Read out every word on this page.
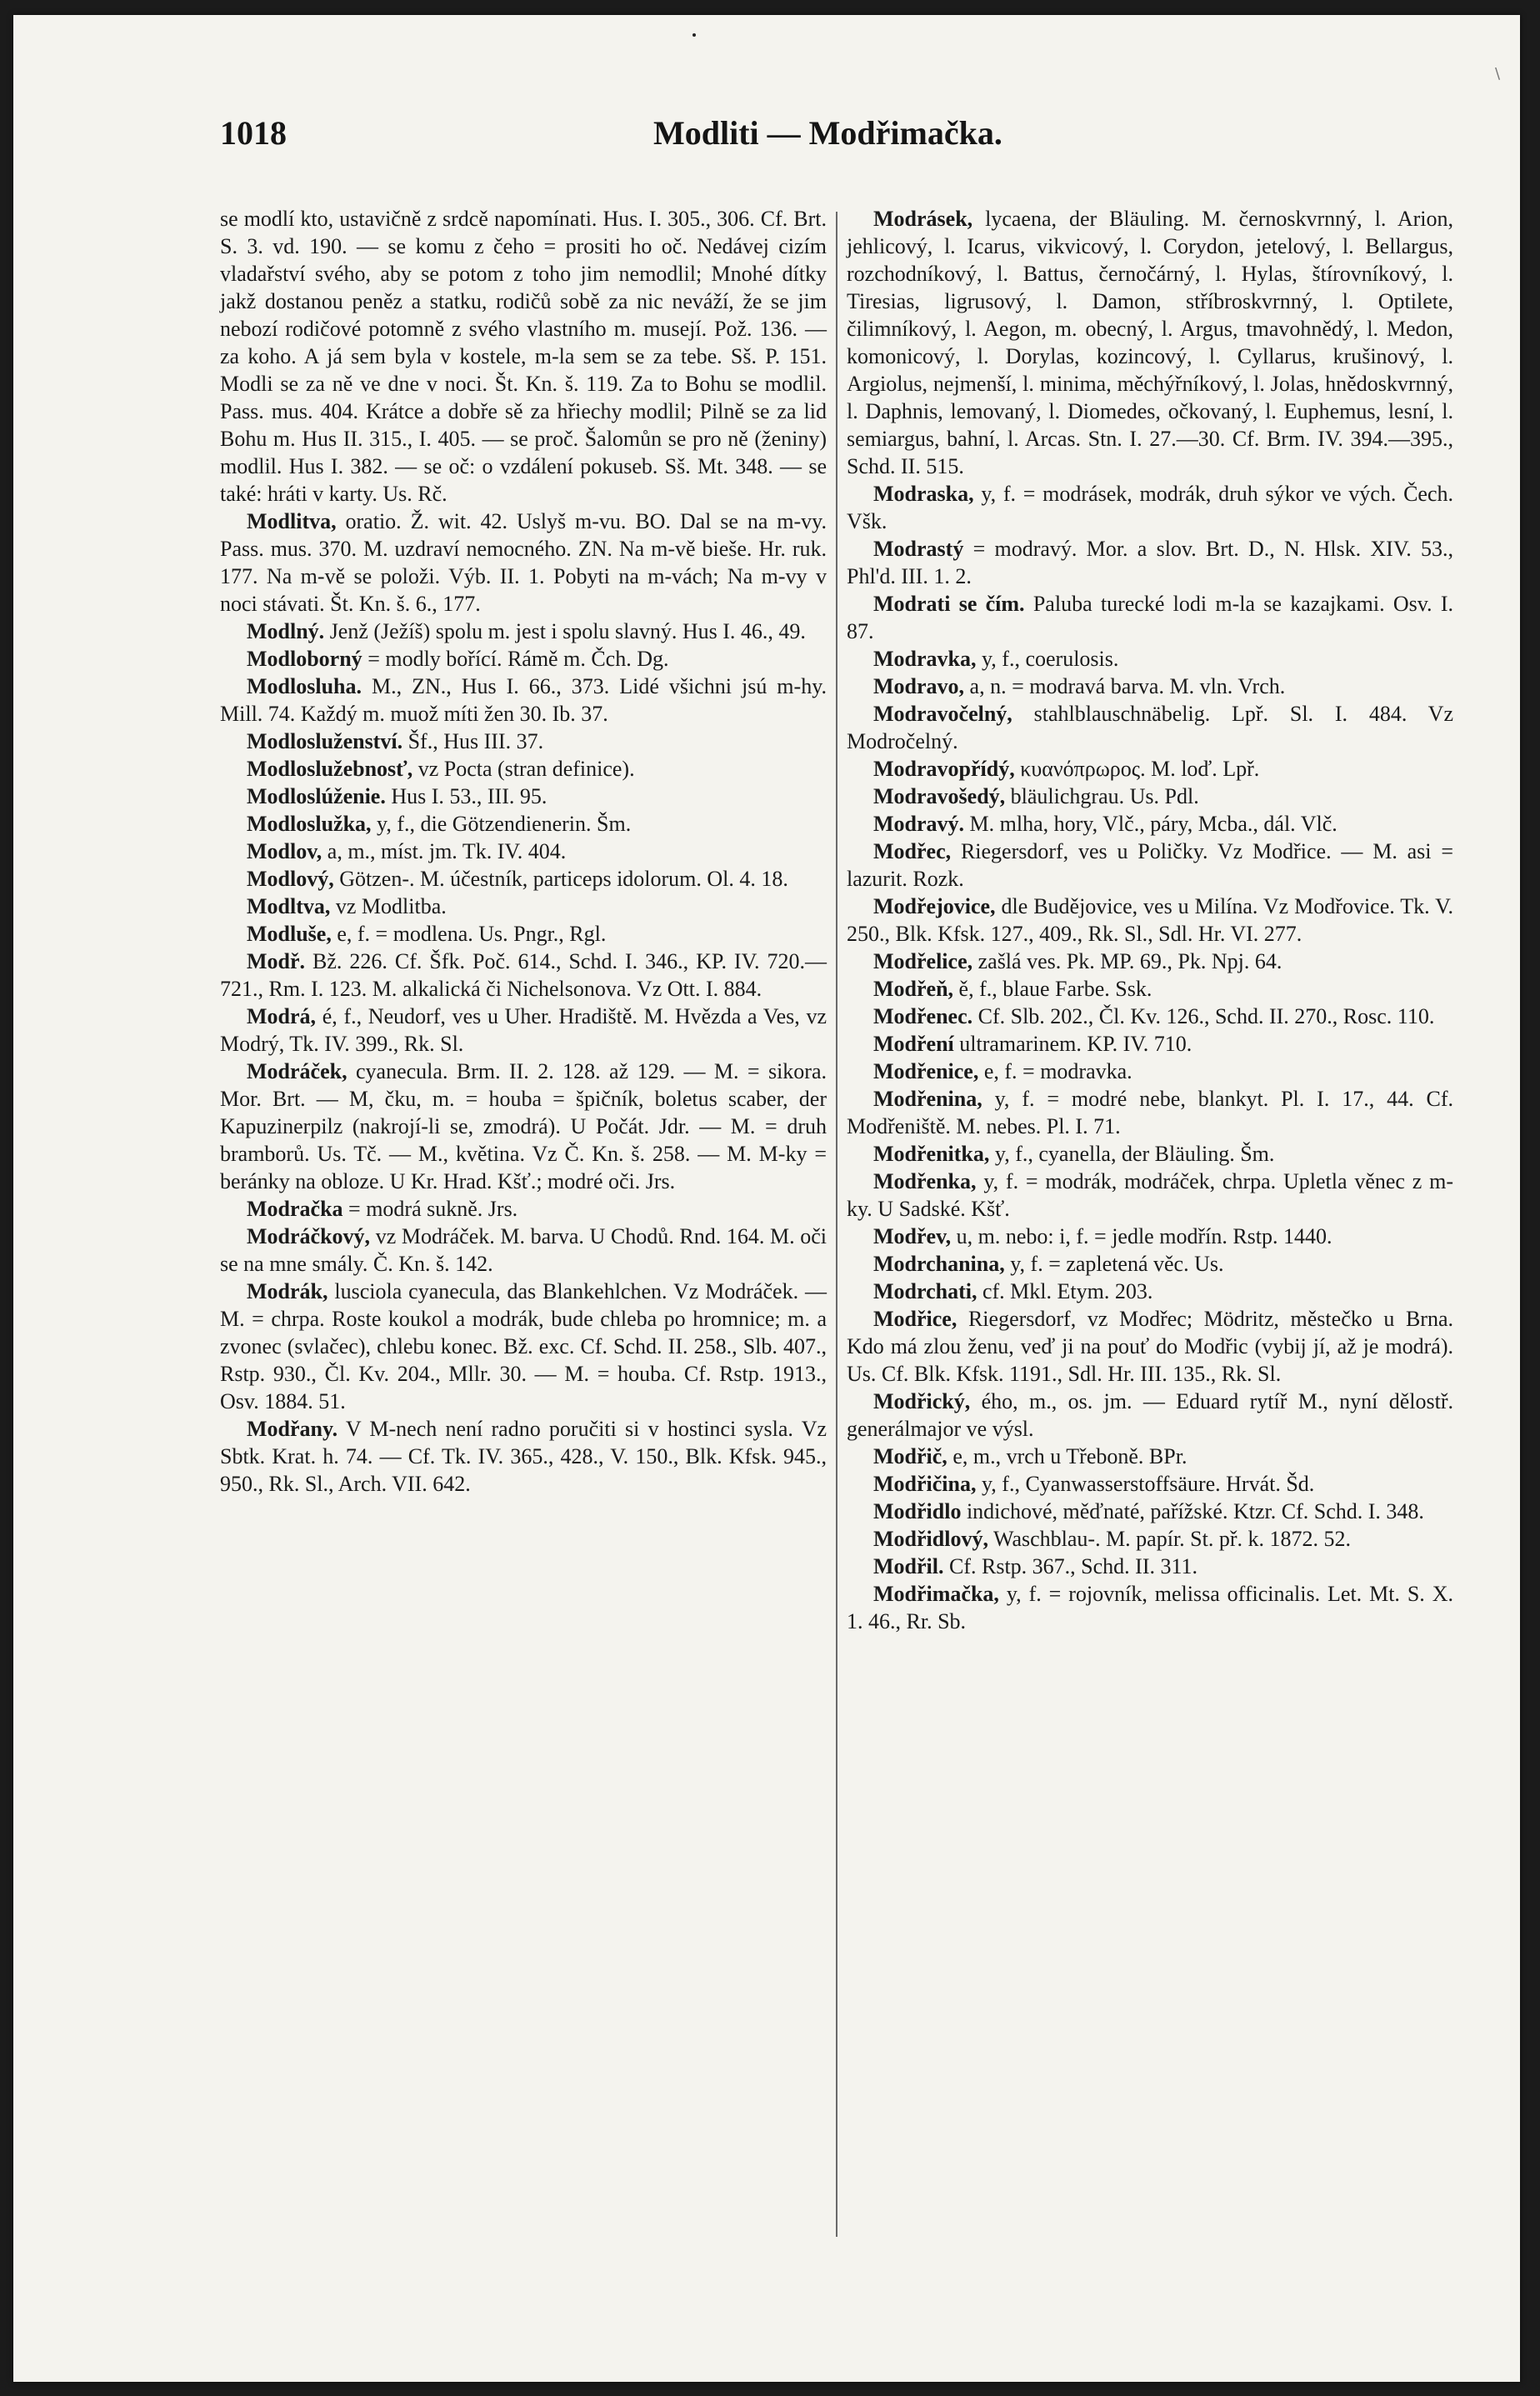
\
1018	Modliti — Modřimačka.

se modlí kto, ustavičně z srdcě napomínati. Hus. I. 305., 306. Cf. Brt. S. 3. vd. 190. — se komu z čeho = prositi ho oč. Nedávej cizím vladařství svého, aby se potom z toho jim nemodlil; Mnohé dítky jakž dostanou peněz a statku, rodičů sobě za nic neváží, že se jim nebozí rodičové potomně z svého vlastního m. musejí. Pož. 136. — za koho. A já sem byla v kostele, m-la sem se za tebe. Sš. P. 151. Modli se za ně ve dne v noci. Št. Kn. š. 119. Za to Bohu se modlil. Pass. mus. 404. Krátce a dobře sě za hřiechy modlil; Pilně se za lid Bohu m. Hus II. 315., I. 405. — se proč. Šalomůn se pro ně (ženiny) modlil. Hus I. 382. — se oč: o vzdálení pokuseb. Sš. Mt. 348. — se také: hráti v karty. Us. Rč.

Modlitva, oratio. Ž. wit. 42. Uslyš m-vu. BO. Dal se na m-vy. Pass. mus. 370. M. uzdraví nemocného. ZN. Na m-vě bieše. Hr. ruk. 177. Na m-vě se položi. Výb. II. 1. Pobyti na m-vách; Na m-vy v noci stávati. Št. Kn. š. 6., 177.

Modlný. Jenž (Ježíš) spolu m. jest i spolu slavný. Hus I. 46., 49.

Modloborný = modly bořící. Rámě m. Čch. Dg.

Modlosluha. M., ZN., Hus I. 66., 373. Lidé všichni jsú m-hy. Mill. 74. Každý m. muož míti žen 30. Ib. 37.

Modlosluženství. Šf., Hus III. 37.

Modloslužebnosť, vz Pocta (stran definice).

Modloslúženie. Hus I. 53., III. 95.

Modloslužka, y, f., die Götzendienerin. Šm.

Modlov, a, m., míst. jm. Tk. IV. 404.

Modlový, Götzen-. M. účestník, particeps idolorum. Ol. 4. 18.

Modltva, vz Modlitba.

Modluše, e, f. = modlena. Us. Pngr., Rgl.

Modř. Bž. 226. Cf. Šfk. Poč. 614., Schd. I. 346., KP. IV. 720.—721., Rm. I. 123. M. alkalická či Nichelsonova. Vz Ott. I. 884.

Modrá, é, f., Neudorf, ves u Uher. Hradiště. M. Hvězda a Ves, vz Modrý, Tk. IV. 399., Rk. Sl.

Modráček, cyanecula. Brm. II. 2. 128. až 129. — M. = sikora. Mor. Brt. — M, čku, m. = houba = špičník, boletus scaber, der Kapuzinerpilz (nakrojí-li se, zmodrá). U Počát. Jdr. — M. = druh bramborů. Us. Tč. — M., květina. Vz Č. Kn. š. 258. — M. M-ky = beránky na obloze. U Kr. Hrad. Kšť.; modré oči. Jrs.

Modračka = modrá sukně. Jrs.

Modráčkový, vz Modráček. M. barva. U Chodů. Rnd. 164. M. oči se na mne smály. Č. Kn. š. 142.

Modrák, lusciola cyanecula, das Blankehlchen. Vz Modráček. — M. = chrpa. Roste koukol a modrák, bude chleba po hromnice; m. a zvonec (svlačec), chlebu konec. Bž. exc. Cf. Schd. II. 258., Slb. 407., Rstp. 930., Čl. Kv. 204., Mllr. 30. — M. = houba. Cf. Rstp. 1913., Osv. 1884. 51.

Modřany. V M-nech není radno poručiti si v hostinci sysla. Vz Sbtk. Krat. h. 74. — Cf. Tk. IV. 365., 428., V. 150., Blk. Kfsk. 945., 950., Rk. Sl., Arch. VII. 642.

Modrásek, lycaena, der Bläuling. M. černoskvrnný, l. Arion, jehlicový, l. Icarus, vikvicový, l. Corydon, jetelový, l. Bellargus, rozchodníkový, l. Battus, černočárný, l. Hylas, štírovníkový, l. Tiresias, ligrusový, l. Damon, stříbroskvrnný, l. Optilete, čilimníkový, l. Aegon, m. obecný, l. Argus, tmavohnědý, l. Medon, komonicový, l. Dorylas, kozincový, l. Cyllarus, krušinový, l. Argiolus, nejmenší, l. minima, měchýřníkový, l. Jolas, hnědoskvrnný, l. Daphnis, lemovaný, l. Diomedes, očkovaný, l. Euphemus, lesní, l. semiargus, bahní, l. Arcas. Stn. I. 27.—30. Cf. Brm. IV. 394.—395., Schd. II. 515.

Modraska, y, f. = modrásek, modrák, druh sýkor ve vých. Čech. Všk.

Modrastý = modravý. Mor. a slov. Brt. D., N. Hlsk. XIV. 53., Phl'd. III. 1. 2.

Modrati se čím. Paluba turecké lodi m-la se kazajkami. Osv. I. 87.

Modravka, y, f., coerulosis.

Modravo, a, n. = modravá barva. M. vln. Vrch.

Modravočelný, stahlblauschnäbelig. Lpř. Sl. I. 484. Vz Modročelný.

Modravopřídý, κυανόπρωρος. M. loď. Lpř.

Modravošedý, bläulichgrau. Us. Pdl.

Modravý. M. mlha, hory, Vlč., páry, Mcba., dál. Vlč.

Modřec, Riegersdorf, ves u Poličky. Vz Modřice. — M. asi = lazurit. Rozk.

Modřejovice, dle Budějovice, ves u Milína. Vz Modřovice. Tk. V. 250., Blk. Kfsk. 127., 409., Rk. Sl., Sdl. Hr. VI. 277.

Modřelice, zašlá ves. Pk. MP. 69., Pk. Npj. 64.

Modřeň, ě, f., blaue Farbe. Ssk.

Modřenec. Cf. Slb. 202., Čl. Kv. 126., Schd. II. 270., Rosc. 110.

Modření ultramarinem. KP. IV. 710.

Modřenice, e, f. = modravka.

Modřenina, y, f. = modré nebe, blankyt. Pl. I. 17., 44. Cf. Modřeniště. M. nebes. Pl. I. 71.

Modřenitka, y, f., cyanella, der Bläuling. Šm.

Modřenka, y, f. = modrák, modráček, chrpa. Upletla věnec z m-ky. U Sadské. Kšť.

Modřev, u, m. nebo: i, f. = jedle modřín. Rstp. 1440.

Modrchanina, y, f. = zapletená věc. Us.

Modrchati, cf. Mkl. Etym. 203.

Modřice, Riegersdorf, vz Modřec; Mödritz, městečko u Brna. Kdo má zlou ženu, veď ji na pouť do Modřic (vybij jí, až je modrá). Us. Cf. Blk. Kfsk. 1191., Sdl. Hr. III. 135., Rk. Sl.

Modřický, ého, m., os. jm. — Eduard rytíř M., nyní dělostř. generálmajor ve výsl.

Modřič, e, m., vrch u Třeboně. BPr.

Modřičina, y, f., Cyanwasserstoffsäure. Hrvát. Šd.

Modřidlo indichové, měďnaté, pařížské. Ktzr. Cf. Schd. I. 348.

Modřidlový, Waschblau-. M. papír. St. př. k. 1872. 52.

Modřil. Cf. Rstp. 367., Schd. II. 311.

Modřimačka, y, f. = rojovník, melissa officinalis. Let. Mt. S. X. 1. 46., Rr. Sb.
